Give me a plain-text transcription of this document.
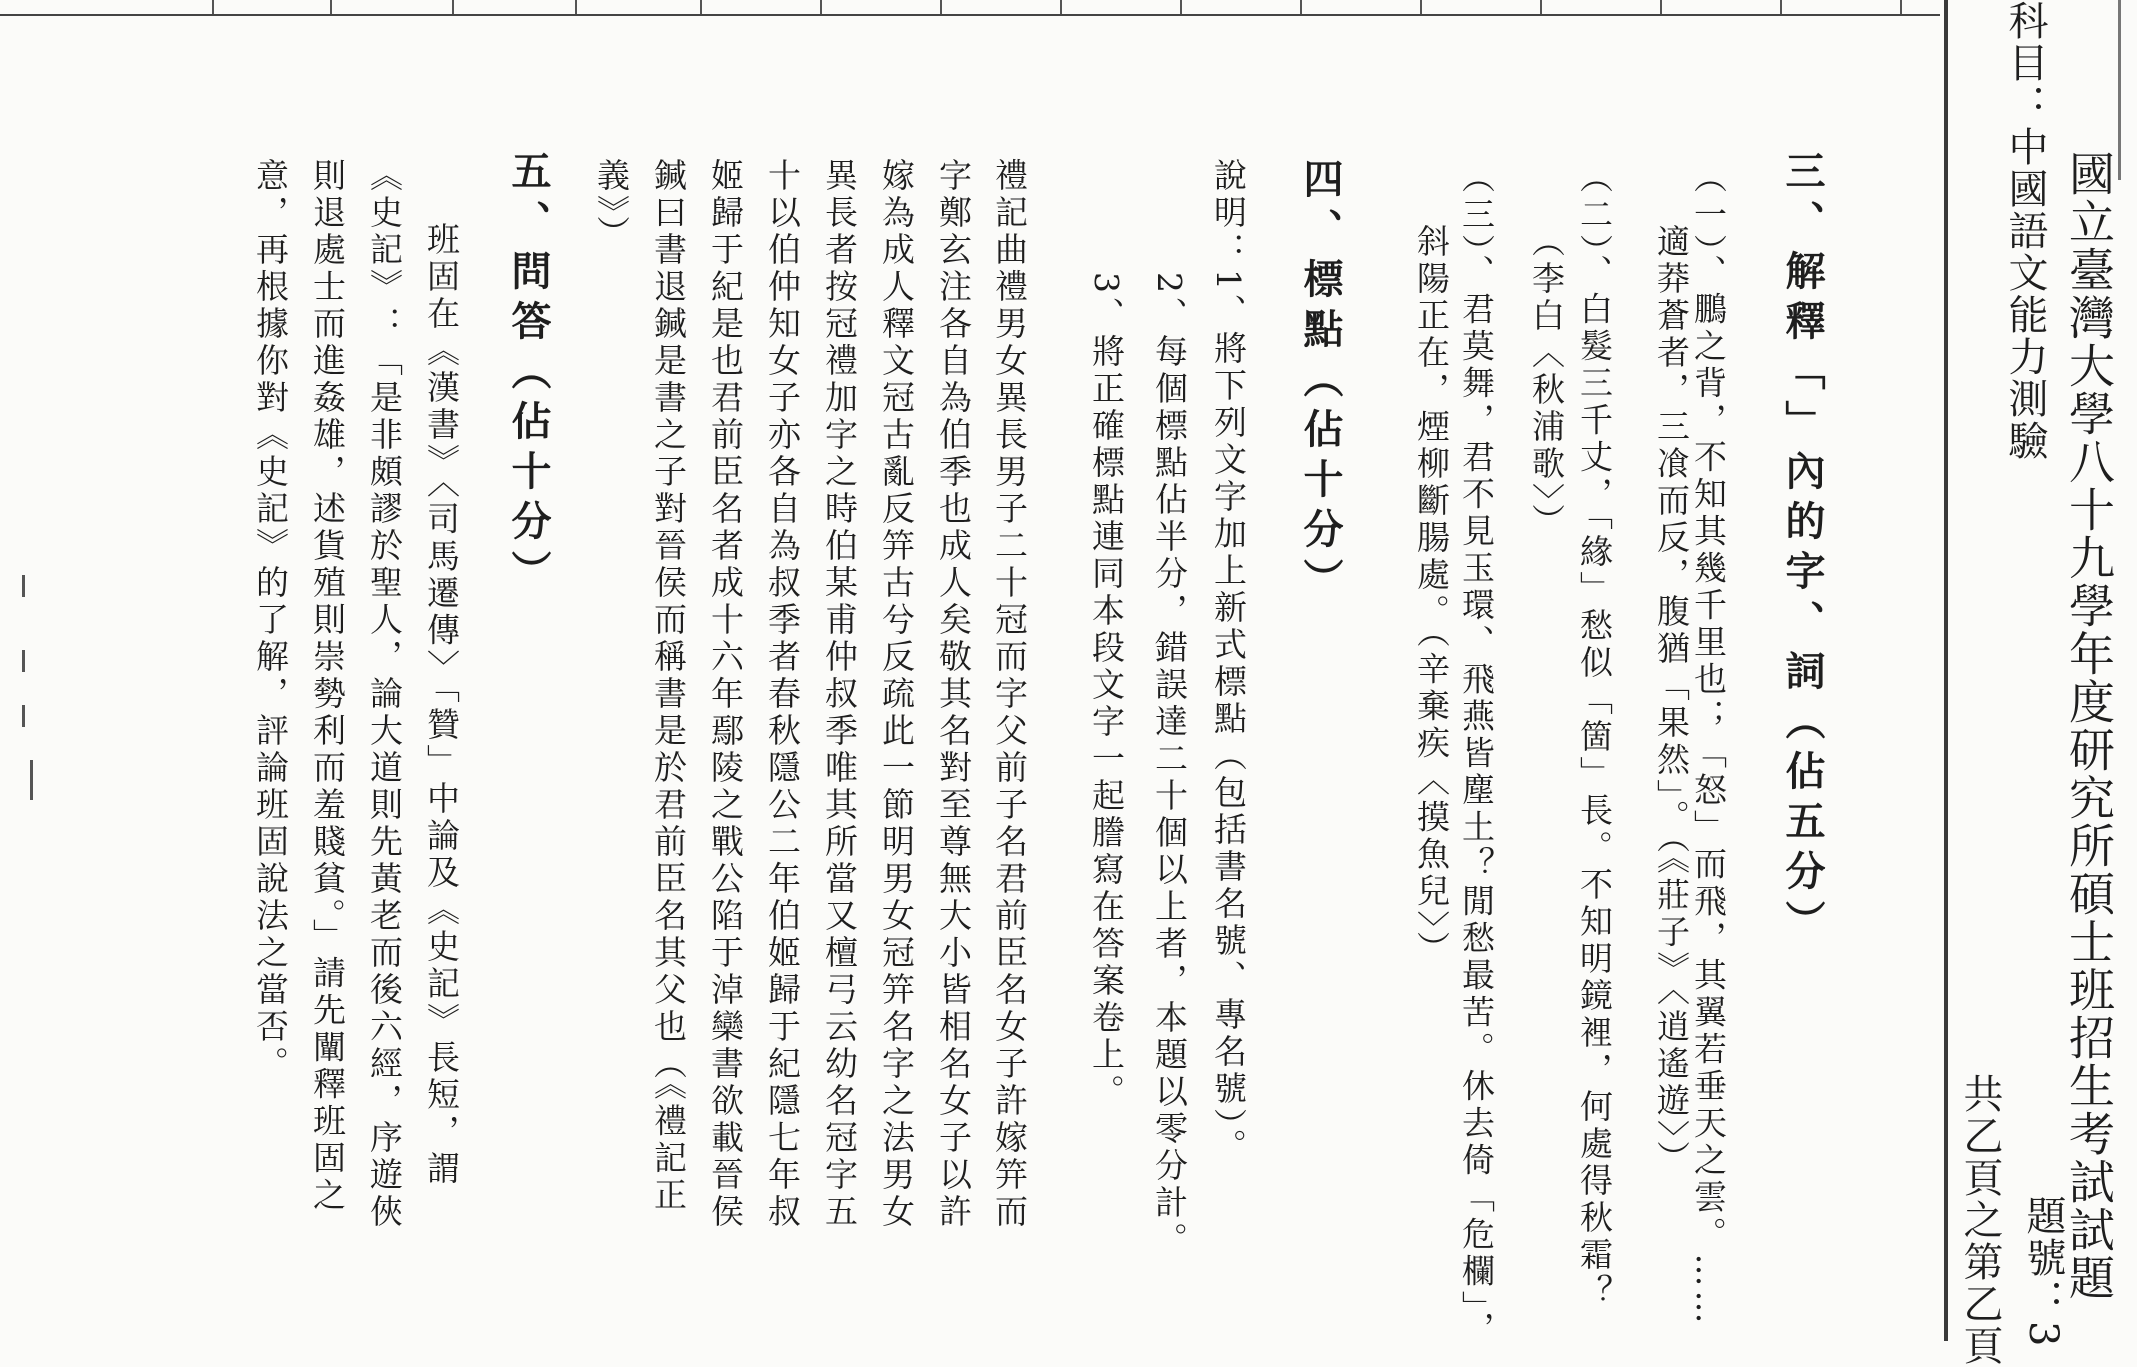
國立臺灣大學八十九學年度研究所碩士班招生考試試題
科目：中國語文能力測驗
題號：3
共乙頁之第乙頁
三、解釋「」內的字、詞（佔五分）
（一）、鵬之背，不知其幾千里也；「怒」而飛，其翼若垂天之雲。……
適莽蒼者，三飡而反，腹猶「果然」。（《莊子》〈逍遙遊〉）
（二）、白髮三千丈，「緣」愁似「箇」長。不知明鏡裡，何處得秋霜？
（李白〈秋浦歌〉）
（三）、君莫舞，君不見玉環、飛燕皆塵土？閒愁最苦。休去倚「危欄」，
斜陽正在，煙柳斷腸處。（辛棄疾〈摸魚兒〉）
四、標點（佔十分）
說明：1、將下列文字加上新式標點（包括書名號、專名號）。
2、每個標點佔半分，錯誤達二十個以上者，本題以零分計。
3、將正確標點連同本段文字一起謄寫在答案卷上。
禮記曲禮男女異長男子二十冠而字父前子名君前臣名女子許嫁笄而
字鄭玄注各自為伯季也成人矣敬其名對至尊無大小皆相名女子以許
嫁為成人釋文冠古亂反笄古兮反疏此一節明男女冠笄名字之法男女
異長者按冠禮加字之時伯某甫仲叔季唯其所當又檀弓云幼名冠字五
十以伯仲知女子亦各自為叔季者春秋隱公二年伯姬歸于紀隱七年叔
姬歸于紀是也君前臣名者成十六年鄢陵之戰公陷于淖欒書欲載晉侯
鍼曰書退鍼是書之子對晉侯而稱書是於君前臣名其父也（《禮記正
義》）
五、問答（佔十分）
班固在《漢書》〈司馬遷傳〉「贊」中論及《史記》長短，謂
《史記》：「是非頗謬於聖人，論大道則先黃老而後六經，序遊俠
則退處士而進姦雄，述貨殖則崇勢利而羞賤貧。」請先闡釋班固之
意，再根據你對《史記》的了解，評論班固說法之當否。
